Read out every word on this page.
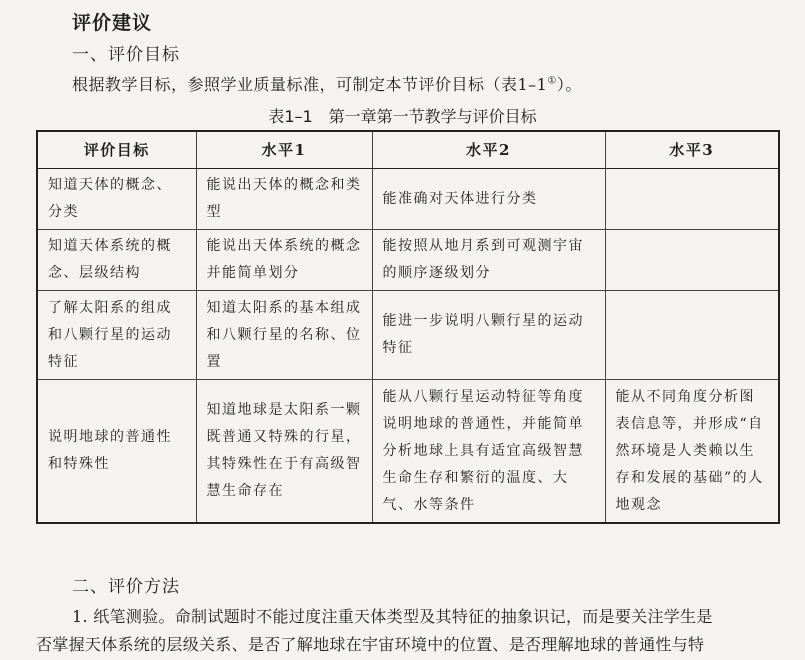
评价建议
一、评价目标
根据教学目标，参照学业质量标准，可制定本节评价目标（表1–1①）。
表1–1　第一章第一节教学与评价目标
评价目标	水平1	水平2	水平3
知道天体的概念、分类	能说出天体的概念和类型	能准确对天体进行分类	
知道天体系统的概念、层级结构	能说出天体系统的概念并能简单划分	能按照从地月系到可观测宇宙的顺序逐级划分	
了解太阳系的组成和八颗行星的运动特征	知道太阳系的基本组成和八颗行星的名称、位置	能进一步说明八颗行星的运动特征	
说明地球的普通性和特殊性	知道地球是太阳系一颗既普通又特殊的行星，其特殊性在于有高级智慧生命存在	能从八颗行星运动特征等角度说明地球的普通性，并能简单分析地球上具有适宜高级智慧生命生存和繁衍的温度、大气、水等条件	能从不同角度分析图表信息等，并形成“自然环境是人类赖以生存和发展的基础”的人地观念
二、评价方法
1. 纸笔测验。命制试题时不能过度注重天体类型及其特征的抽象识记，而是要关注学生是
否掌握天体系统的层级关系、是否了解地球在宇宙环境中的位置、是否理解地球的普通性与特
